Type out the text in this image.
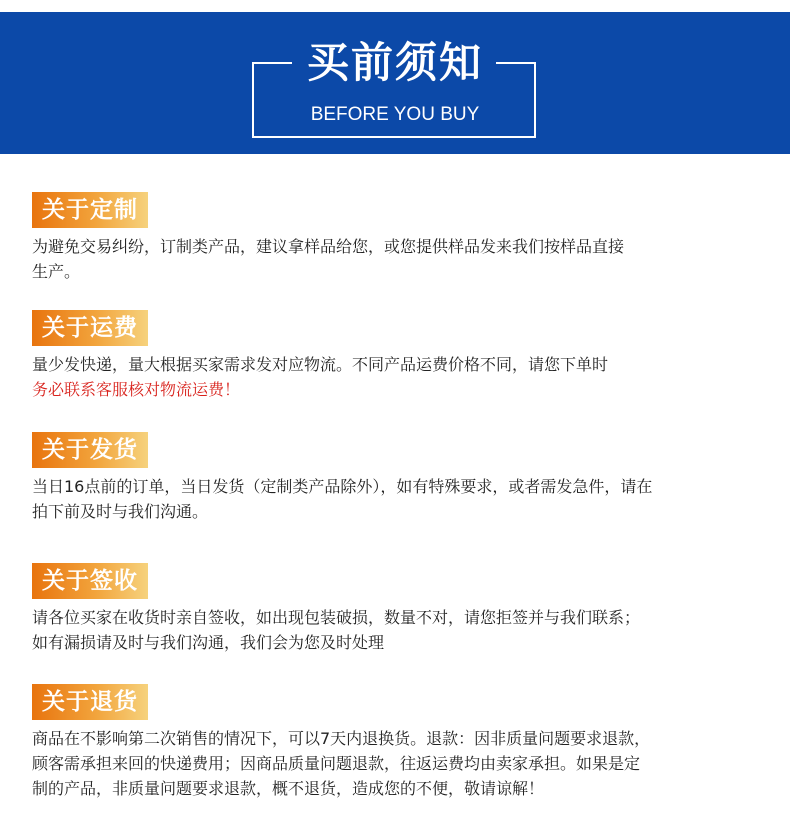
买前须知
BEFORE YOU BUY
关于定制
为避免交易纠纷，订制类产品，建议拿样品给您，或您提供样品发来我们按样品直接
生产。
关于运费
量少发快递，量大根据买家需求发对应物流。不同产品运费价格不同，请您下单时
务必联系客服核对物流运费！
关于发货
当日16点前的订单，当日发货（定制类产品除外），如有特殊要求，或者需发急件，请在
拍下前及时与我们沟通。
关于签收
请各位买家在收货时亲自签收，如出现包装破损，数量不对，请您拒签并与我们联系；
如有漏损请及时与我们沟通，我们会为您及时处理
关于退货
商品在不影响第二次销售的情况下，可以7天内退换货。退款：因非质量问题要求退款，
顾客需承担来回的快递费用；因商品质量问题退款，往返运费均由卖家承担。如果是定
制的产品，非质量问题要求退款，概不退货，造成您的不便，敬请谅解！
